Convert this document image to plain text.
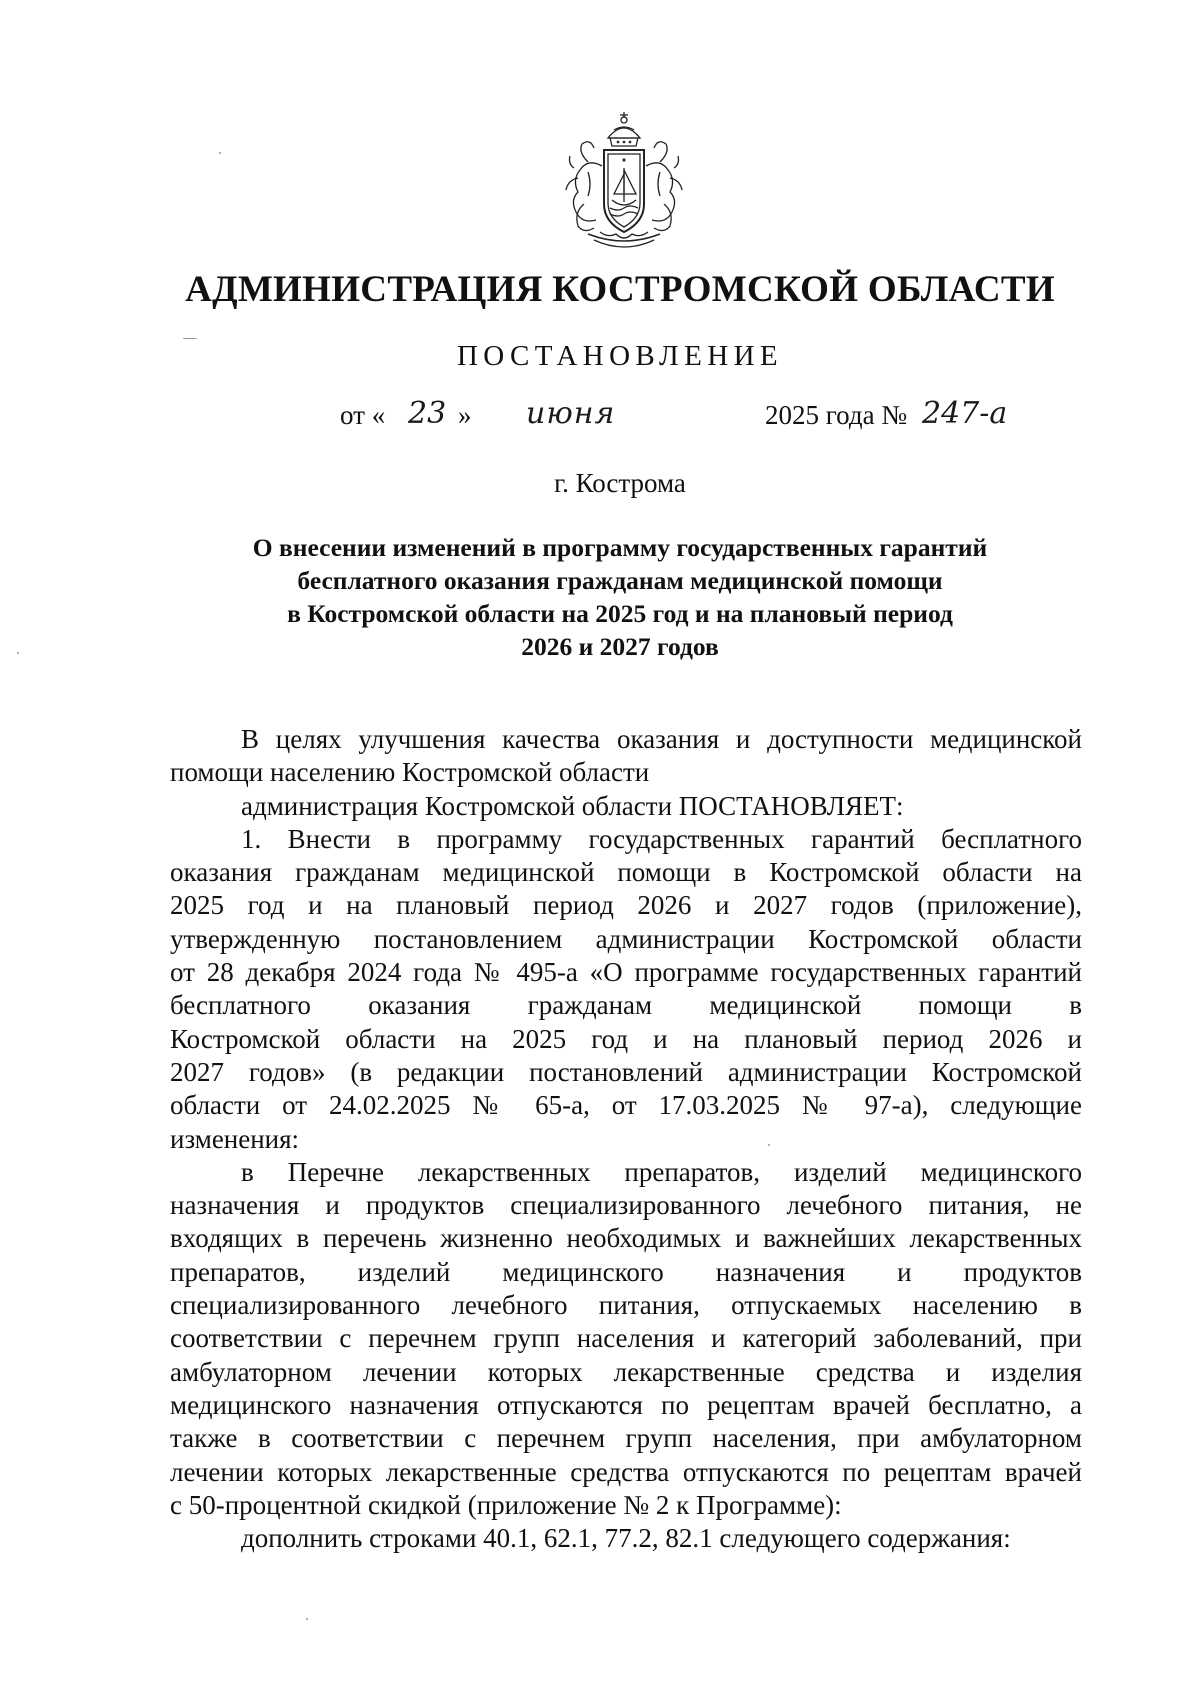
АДМИНИСТРАЦИЯ КОСТРОМСКОЙ ОБЛАСТИ
ПОСТАНОВЛЕНИЕ
от « 23 » июня	2025 года № 247-а
г. Кострома
О внесении изменений в программу государственных гарантий
бесплатного оказания гражданам медицинской помощи
в Костромской области на 2025 год и на плановый период
2026 и 2027 годов
В целях улучшения качества оказания и доступности медицинской
помощи населению Костромской области
администрация Костромской области ПОСТАНОВЛЯЕТ:
1. Внести в программу государственных гарантий бесплатного
оказания гражданам медицинской помощи в Костромской области на
2025 год и на плановый период 2026 и 2027 годов (приложение),
утвержденную постановлением администрации Костромской области
от 28 декабря 2024 года № 495-а «О программе государственных гарантий
бесплатного оказания гражданам медицинской помощи в
Костромской области на 2025 год и на плановый период 2026 и
2027 годов» (в редакции постановлений администрации Костромской
области от 24.02.2025 № 65-а, от 17.03.2025 № 97-а), следующие
изменения:
в Перечне лекарственных препаратов, изделий медицинского
назначения и продуктов специализированного лечебного питания, не
входящих в перечень жизненно необходимых и важнейших лекарственных
препаратов, изделий медицинского назначения и продуктов
специализированного лечебного питания, отпускаемых населению в
соответствии с перечнем групп населения и категорий заболеваний, при
амбулаторном лечении которых лекарственные средства и изделия
медицинского назначения отпускаются по рецептам врачей бесплатно, а
также в соответствии с перечнем групп населения, при амбулаторном
лечении которых лекарственные средства отпускаются по рецептам врачей
с 50-процентной скидкой (приложение № 2 к Программе):
дополнить строками 40.1, 62.1, 77.2, 82.1 следующего содержания:
